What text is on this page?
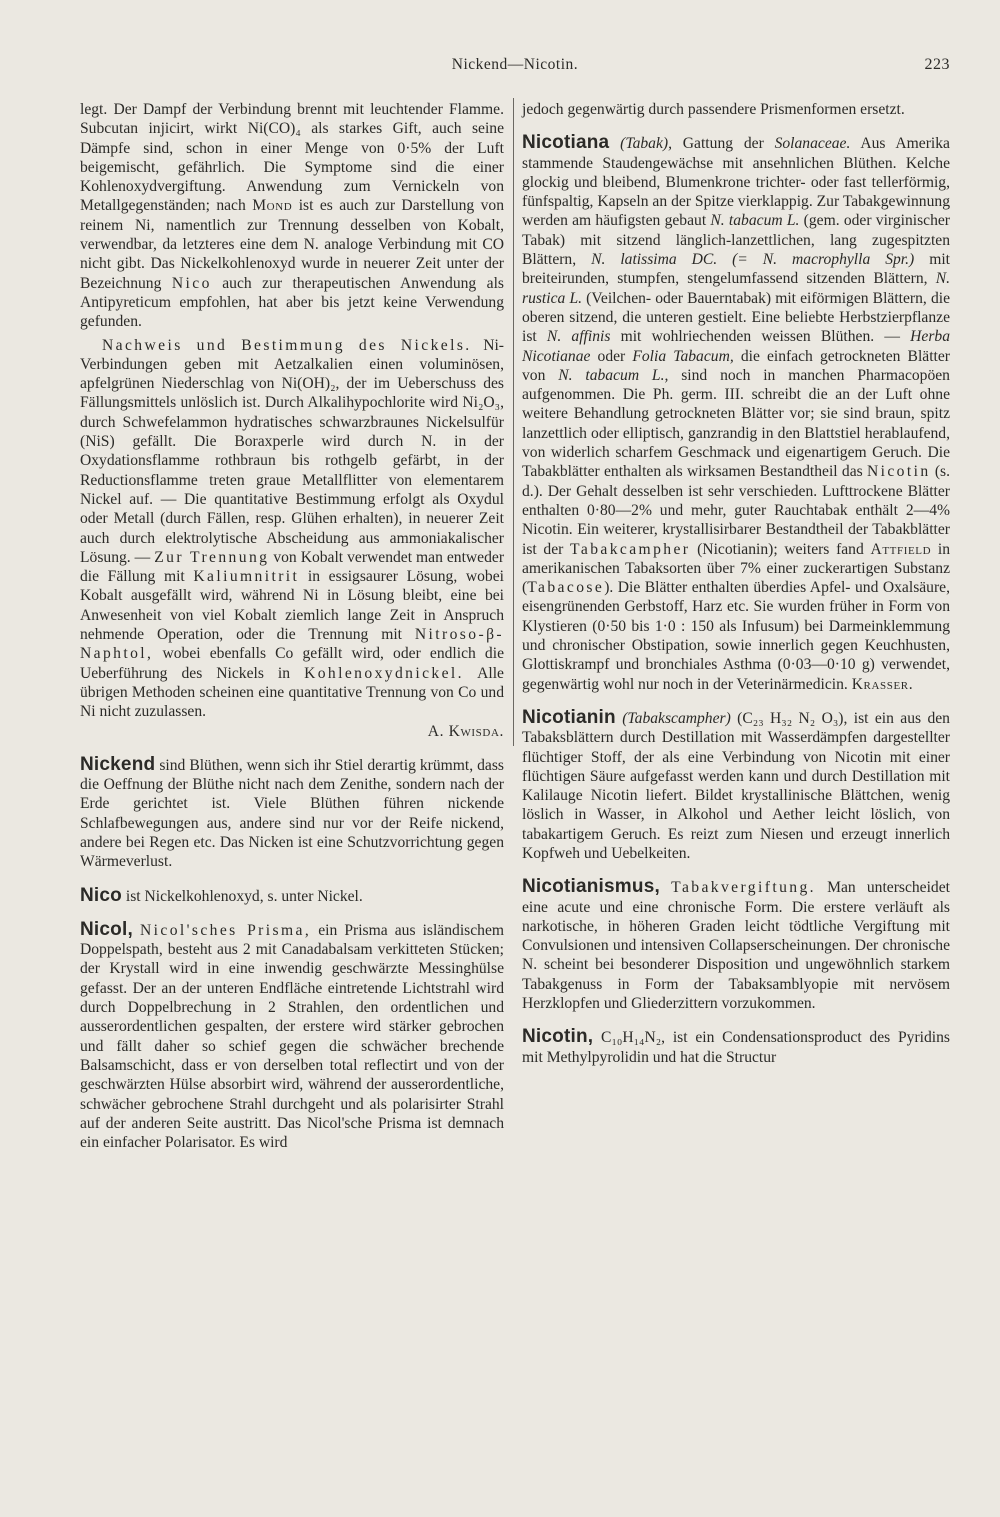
Nickend—Nicotin.	223

legt. Der Dampf der Verbindung brennt mit leuchtender Flamme. Subcutan injicirt, wirkt Ni(CO)₄ als starkes Gift, auch seine Dämpfe sind, schon in einer Menge von 0·5% der Luft beigemischt, gefährlich. Die Symptome sind die einer Kohlenoxydvergiftung. Anwendung zum Vernickeln von Metallgegenständen; nach Mond ist es auch zur Darstellung von reinem Ni, namentlich zur Trennung desselben von Kobalt, verwendbar, da letzteres eine dem N. analoge Verbindung mit CO nicht gibt. Das Nickelkohlenoxyd wurde in neuerer Zeit unter der Bezeichnung Nico auch zur therapeutischen Anwendung als Antipyreticum empfohlen, hat aber bis jetzt keine Verwendung gefunden.

Nachweis und Bestimmung des Nickels. Ni-Verbindungen geben mit Aetzalkalien einen voluminösen, apfelgrünen Niederschlag von Ni(OH)₂, der im Ueberschuss des Fällungsmittels unlöslich ist. Durch Alkalihypochlorite wird Ni₂O₃, durch Schwefelammon hydratisches schwarzbraunes Nickelsulfür (NiS) gefällt. Die Boraxperle wird durch N. in der Oxydationsflamme rothbraun bis rothgelb gefärbt, in der Reductionsflamme treten graue Metallflitter von elementarem Nickel auf. — Die quantitative Bestimmung erfolgt als Oxydul oder Metall (durch Fällen, resp. Glühen erhalten), in neuerer Zeit auch durch elektrolytische Abscheidung aus ammoniakalischer Lösung. — Zur Trennung von Kobalt verwendet man entweder die Fällung mit Kaliumnitrit in essigsaurer Lösung, wobei Kobalt ausgefällt wird, während Ni in Lösung bleibt, eine bei Anwesenheit von viel Kobalt ziemlich lange Zeit in Anspruch nehmende Operation, oder die Trennung mit Nitroso-β-Naphtol, wobei ebenfalls Co gefällt wird, oder endlich die Ueberführung des Nickels in Kohlenoxydnickel. Alle übrigen Methoden scheinen eine quantitative Trennung von Co und Ni nicht zuzulassen.

A. Kwisda.

Nickend sind Blüthen, wenn sich ihr Stiel derartig krümmt, dass die Oeffnung der Blüthe nicht nach dem Zenithe, sondern nach der Erde gerichtet ist. Viele Blüthen führen nickende Schlafbewegungen aus, andere sind nur vor der Reife nickend, andere bei Regen etc. Das Nicken ist eine Schutzvorrichtung gegen Wärmeverlust.

Nico ist Nickelkohlenoxyd, s. unter Nickel.

Nicol, Nicol'sches Prisma, ein Prisma aus isländischem Doppelspath, besteht aus 2 mit Canadabalsam verkitteten Stücken; der Krystall wird in eine inwendig geschwärzte Messinghülse gefasst. Der an der unteren Endfläche eintretende Lichtstrahl wird durch Doppelbrechung in 2 Strahlen, den ordentlichen und ausserordentlichen gespalten, der erstere wird stärker gebrochen und fällt daher so schief gegen die schwächer brechende Balsamschicht, dass er von derselben total reflectirt und von der geschwärzten Hülse absorbirt wird, während der ausserordentliche, schwächer gebrochene Strahl durchgeht und als polarisirter Strahl auf der anderen Seite austritt. Das Nicol'sche Prisma ist demnach ein einfacher Polarisator. Es wird

jedoch gegenwärtig durch passendere Prismenformen ersetzt.

Nicotiana (Tabak), Gattung der Solanaceae. Aus Amerika stammende Staudengewächse mit ansehnlichen Blüthen. Kelche glockig und bleibend, Blumenkrone trichter- oder fast tellerförmig, fünfspaltig, Kapseln an der Spitze vierklappig. Zur Tabakgewinnung werden am häufigsten gebaut N. tabacum L. (gem. oder virginischer Tabak) mit sitzend länglich-lanzettlichen, lang zugespitzten Blättern, N. latissima DC. (= N. macrophylla Spr.) mit breiteirunden, stumpfen, stengelumfassend sitzenden Blättern, N. rustica L. (Veilchen- oder Bauerntabak) mit eiförmigen Blättern, die oberen sitzend, die unteren gestielt. Eine beliebte Herbstzierpflanze ist N. affinis mit wohlriechenden weissen Blüthen. — Herba Nicotianae oder Folia Tabacum, die einfach getrockneten Blätter von N. tabacum L., sind noch in manchen Pharmacopöen aufgenommen. Die Ph. germ. III. schreibt die an der Luft ohne weitere Behandlung getrockneten Blätter vor; sie sind braun, spitz lanzettlich oder elliptisch, ganzrandig in den Blattstiel herablaufend, von widerlich scharfem Geschmack und eigenartigem Geruch. Die Tabakblätter enthalten als wirksamen Bestandtheil das Nicotin (s. d.). Der Gehalt desselben ist sehr verschieden. Lufttrockene Blätter enthalten 0·80—2% und mehr, guter Rauchtabak enthält 2—4% Nicotin. Ein weiterer, krystallisirbarer Bestandtheil der Tabakblätter ist der Tabakcampher (Nicotianin); weiters fand Attfield in amerikanischen Tabaksorten über 7% einer zuckerartigen Substanz (Tabacose). Die Blätter enthalten überdies Apfel- und Oxalsäure, eisengrünenden Gerbstoff, Harz etc. Sie wurden früher in Form von Klystieren (0·50 bis 1·0 : 150 als Infusum) bei Darmeinklemmung und chronischer Obstipation, sowie innerlich gegen Keuchhusten, Glottiskrampf und bronchiales Asthma (0·03—0·10 g) verwendet, gegenwärtig wohl nur noch in der Veterinärmedicin. Krasser.

Nicotianin (Tabakscampher) (C₂₃ H₃₂ N₂ O₃), ist ein aus den Tabaksblättern durch Destillation mit Wasserdämpfen dargestellter flüchtiger Stoff, der als eine Verbindung von Nicotin mit einer flüchtigen Säure aufgefasst werden kann und durch Destillation mit Kalilauge Nicotin liefert. Bildet krystallinische Blättchen, wenig löslich in Wasser, in Alkohol und Aether leicht löslich, von tabakartigem Geruch. Es reizt zum Niesen und erzeugt innerlich Kopfweh und Uebelkeiten.

Nicotianismus, Tabakvergiftung. Man unterscheidet eine acute und eine chronische Form. Die erstere verläuft als narkotische, in höheren Graden leicht tödtliche Vergiftung mit Convulsionen und intensiven Collapserscheinungen. Der chronische N. scheint bei besonderer Disposition und ungewöhnlich starkem Tabakgenuss in Form der Tabaksamblyopie mit nervösem Herzklopfen und Gliederzittern vorzukommen.

Nicotin, C₁₀H₁₄N₂, ist ein Condensationsproduct des Pyridins mit Methylpyrolidin und hat die Structur
